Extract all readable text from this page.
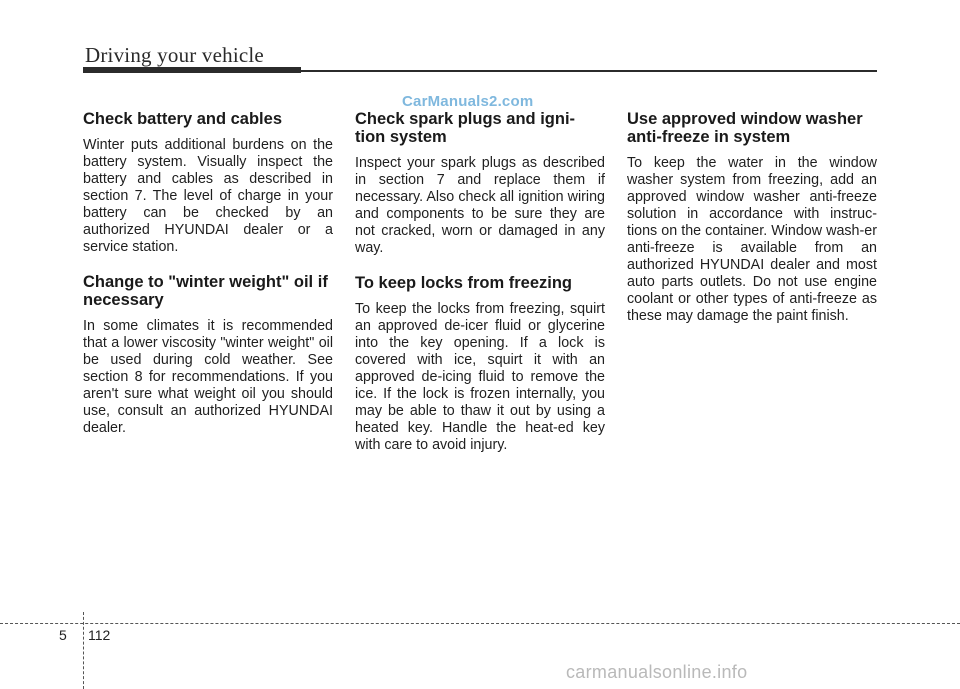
Driving your vehicle
CarManuals2.com
Check battery and cables

Winter puts additional burdens on the battery system. Visually inspect the battery and cables as described in section 7. The level of charge in your battery can be checked by an authorized HYUNDAI dealer or a service station.

Change to "winter weight" oil if necessary

In some climates it is recommended that a lower viscosity "winter weight" oil be used during cold weather. See section 8 for recommendations. If you aren't sure what weight oil you should use, consult an authorized HYUNDAI dealer.

Check spark plugs and igni-tion system

Inspect your spark plugs as described in section 7 and replace them if necessary. Also check all ignition wiring and components to be sure they are not cracked, worn or damaged in any way.

To keep locks from freezing

To keep the locks from freezing, squirt an approved de-icer fluid or glycerine into the key opening. If a lock is covered with ice, squirt it with an approved de-icing fluid to remove the ice. If the lock is frozen internally, you may be able to thaw it out by using a heated key. Handle the heat-ed key with care to avoid injury.

Use approved window washer anti-freeze in system

To keep the water in the window washer system from freezing, add an approved window washer anti-freeze solution in accordance with instruc-tions on the container. Window wash-er anti-freeze is available from an authorized HYUNDAI dealer and most auto parts outlets. Do not use engine coolant or other types of anti-freeze as these may damage the paint finish.

5 112
carmanualsonline.info
